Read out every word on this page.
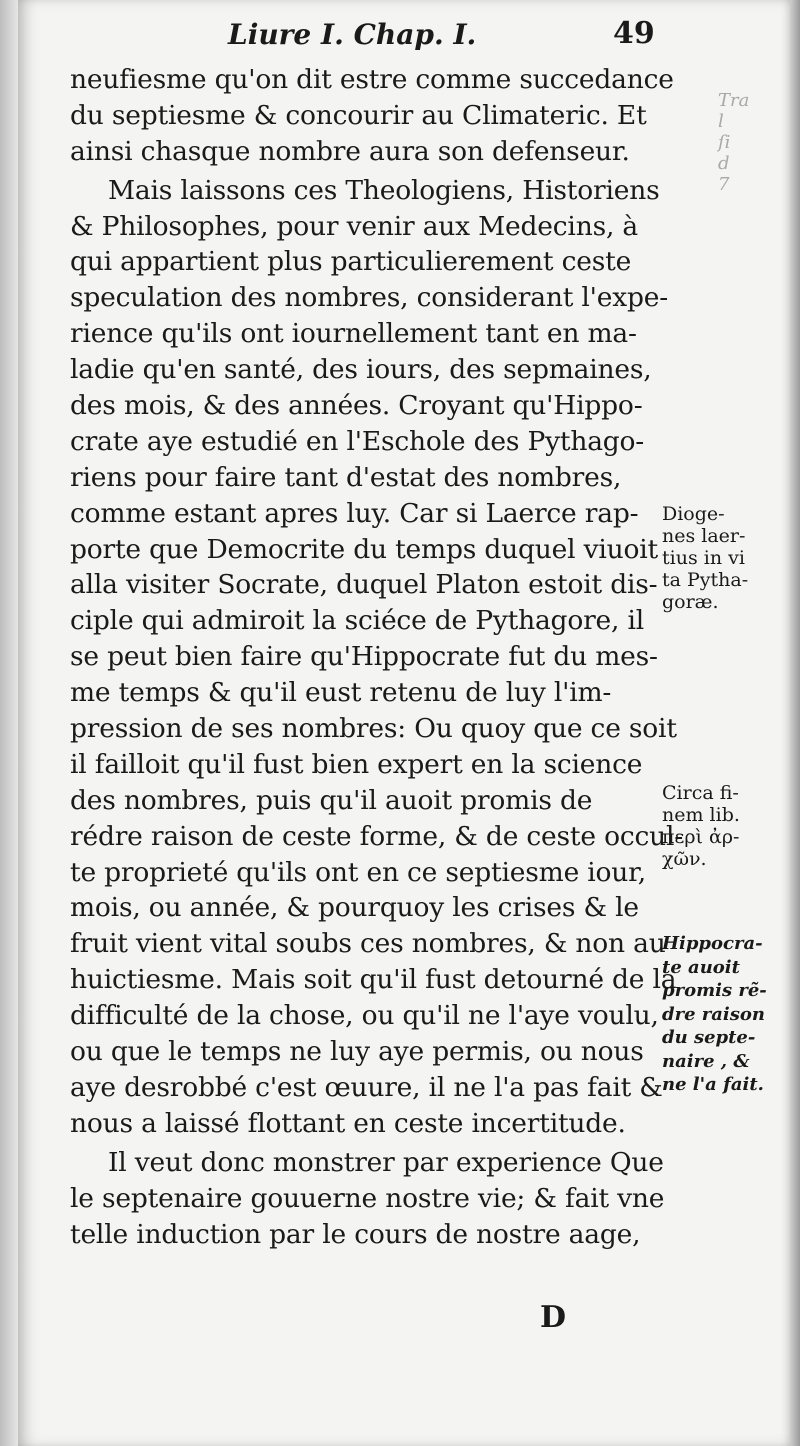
Tra
l
ſi
d
7
Liure I. Chap. I.	49
neufiesme qu'on dit estre comme succedance
du septiesme & concourir au Climateric. Et
ainsi chasque nombre aura son defenseur.
Mais laissons ces Theologiens, Historiens
& Philosophes, pour venir aux Medecins, à
qui appartient plus particulierement ceste
speculation des nombres, considerant l'expe-
rience qu'ils ont iournellement tant en ma-
ladie qu'en santé, des iours, des sepmaines,
des mois, & des années. Croyant qu'Hippo-
crate aye estudié en l'Eschole des Pythago-
riens pour faire tant d'estat des nombres,
comme estant apres luy. Car si Laerce rap-
porte que Democrite du temps duquel viuoit
alla visiter Socrate, duquel Platon estoit dis-
ciple qui admiroit la sciéce de Pythagore, il
se peut bien faire qu'Hippocrate fut du mes-
me temps & qu'il eust retenu de luy l'im-
pression de ses nombres: Ou quoy que ce soit
il failloit qu'il fust bien expert en la science
des nombres, puis qu'il auoit promis de
rédre raison de ceste forme, & de ceste occul-
te proprieté qu'ils ont en ce septiesme iour,
mois, ou année, & pourquoy les crises & le
fruit vient vital soubs ces nombres, & non au
huictiesme. Mais soit qu'il fust detourné de la
difficulté de la chose, ou qu'il ne l'aye voulu,
ou que le temps ne luy aye permis, ou nous
aye desrobbé c'est œuure, il ne l'a pas fait &
nous a laissé flottant en ceste incertitude.
Il veut donc monstrer par experience Que
le septenaire gouuerne nostre vie; & fait vne
telle induction par le cours de nostre aage,
Dioge-
nes laer-
tius in vi
ta Pytha-
goræ.
Circa fi-
nem lib.
περὶ ἀρ-
χῶν.
Hippocra-
te auoit
promis rẽ-
dre raison
du septe-
naire , &
ne l'a fait.
D
